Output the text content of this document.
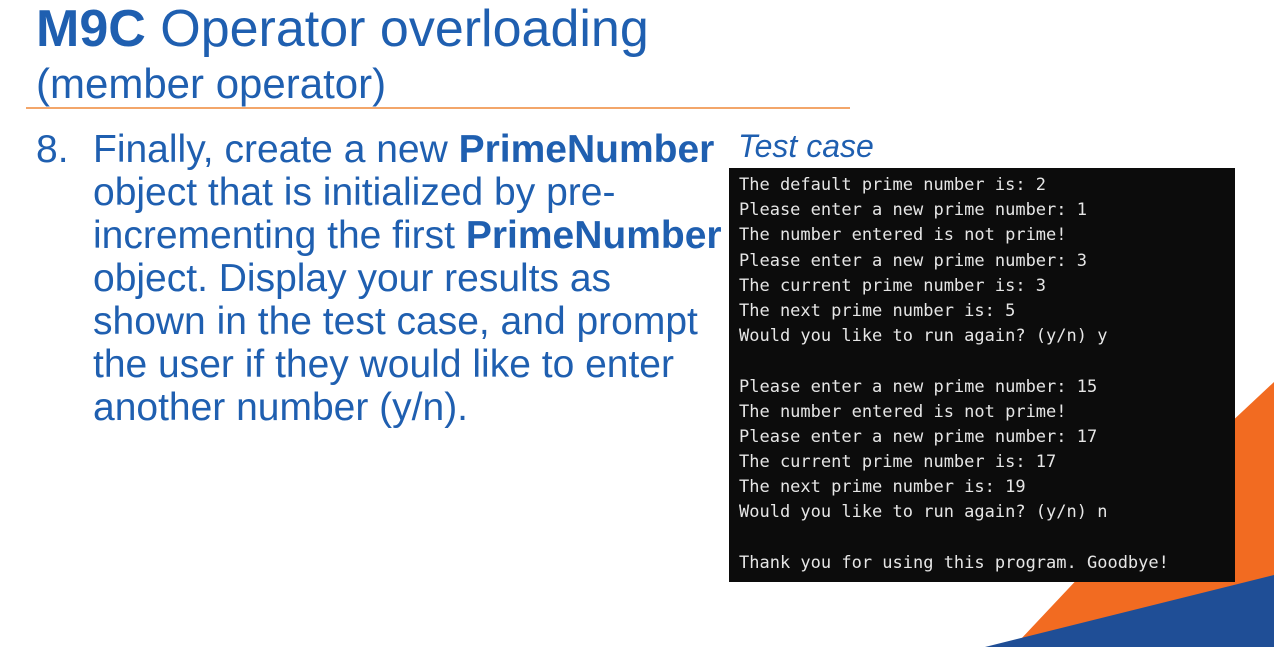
M9C Operator overloading
(member operator)
8. Finally, create a new PrimeNumber object that is initialized by pre-incrementing the first PrimeNumber object. Display your results as shown in the test case, and prompt the user if they would like to enter another number (y/n).
Test case
The default prime number is: 2
Please enter a new prime number: 1
The number entered is not prime!
Please enter a new prime number: 3
The current prime number is: 3
The next prime number is: 5
Would you like to run again? (y/n) y
Please enter a new prime number: 15
The number entered is not prime!
Please enter a new prime number: 17
The current prime number is: 17
The next prime number is: 19
Would you like to run again? (y/n) n
Thank you for using this program. Goodbye!
